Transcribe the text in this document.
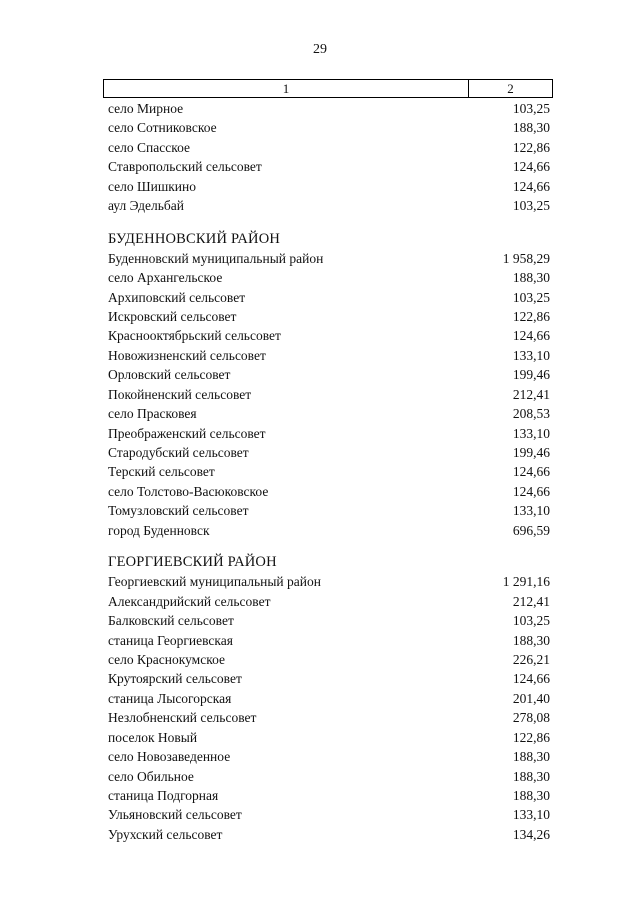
29
1	2
село Мирное	103,25
село Сотниковское	188,30
село Спасское	122,86
Ставропольский сельсовет	124,66
село Шишкино	124,66
аул Эдельбай	103,25
БУДЕННОВСКИЙ РАЙОН
Буденновский муниципальный район	1 958,29
село Архангельское	188,30
Архиповский сельсовет	103,25
Искровский сельсовет	122,86
Краснооктябрьский сельсовет	124,66
Новожизненский сельсовет	133,10
Орловский сельсовет	199,46
Покойненский сельсовет	212,41
село Прасковея	208,53
Преображенский сельсовет	133,10
Стародубский сельсовет	199,46
Терский сельсовет	124,66
село Толстово-Васюковское	124,66
Томузловский сельсовет	133,10
город Буденновск	696,59
ГЕОРГИЕВСКИЙ РАЙОН
Георгиевский муниципальный район	1 291,16
Александрийский сельсовет	212,41
Балковский сельсовет	103,25
станица Георгиевская	188,30
село Краснокумское	226,21
Крутоярский сельсовет	124,66
станица Лысогорская	201,40
Незлобненский сельсовет	278,08
поселок Новый	122,86
село Новозаведенное	188,30
село Обильное	188,30
станица Подгорная	188,30
Ульяновский сельсовет	133,10
Урухский сельсовет	134,26
